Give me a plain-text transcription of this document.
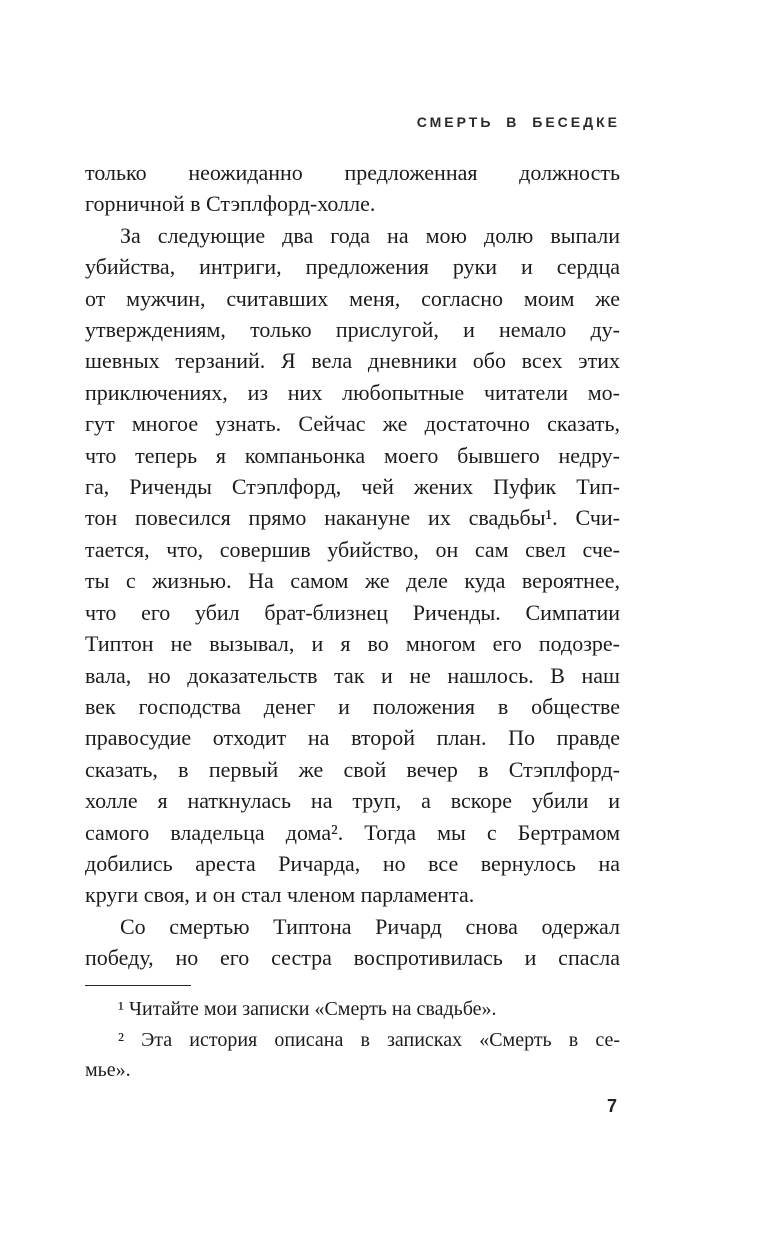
СМЕРТЬ В БЕСЕДКЕ
только неожиданно предложенная должность
горничной в Стэплфорд-холле.
За следующие два года на мою долю выпали
убийства, интриги, предложения руки и сердца
от мужчин, считавших меня, согласно моим же
утверждениям, только прислугой, и немало ду-
шевных терзаний. Я вела дневники обо всех этих
приключениях, из них любопытные читатели мо-
гут многое узнать. Сейчас же достаточно сказать,
что теперь я компаньонка моего бывшего недру-
га, Риченды Стэплфорд, чей жених Пуфик Тип-
тон повесился прямо накануне их свадьбы¹. Счи-
тается, что, совершив убийство, он сам свел сче-
ты с жизнью. На самом же деле куда вероятнее,
что его убил брат-близнец Риченды. Симпатии
Типтон не вызывал, и я во многом его подозре-
вала, но доказательств так и не нашлось. В наш
век господства денег и положения в обществе
правосудие отходит на второй план. По правде
сказать, в первый же свой вечер в Стэплфорд-
холле я наткнулась на труп, а вскоре убили и
самого владельца дома². Тогда мы с Бертрамом
добились ареста Ричарда, но все вернулось на
круги своя, и он стал членом парламента.
Со смертью Типтона Ричард снова одержал
победу, но его сестра воспротивилась и спасла
¹ Читайте мои записки «Смерть на свадьбе».
² Эта история описана в записках «Смерть в се-
мье».
7
